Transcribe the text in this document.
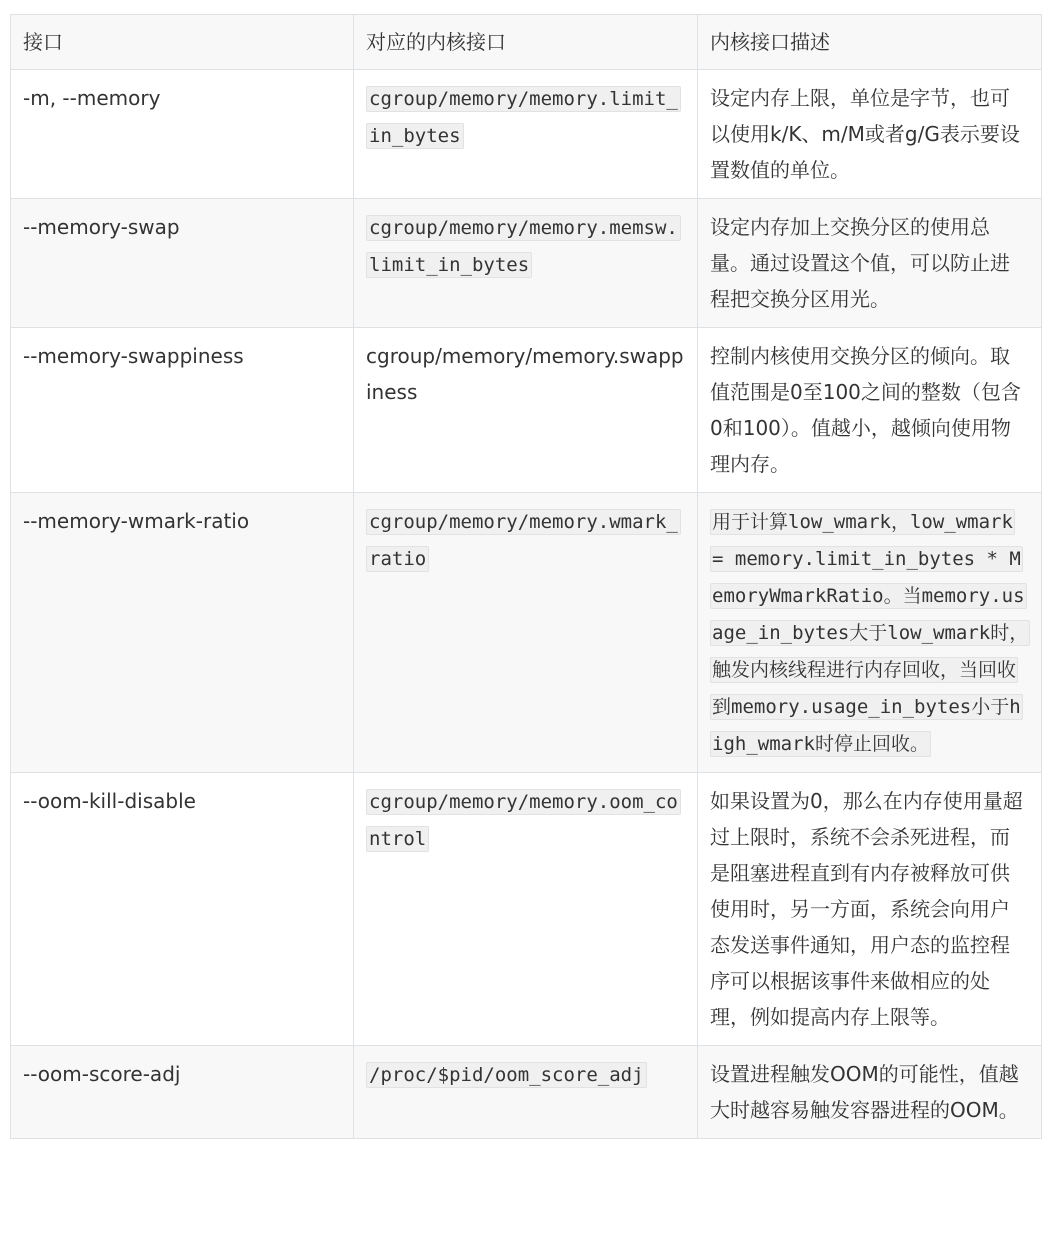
接口	对应的内核接口	内核接口描述
-m, --memory	cgroup/memory/memory.limit_in_bytes	设定内存上限，单位是字节，也可以使用k/K、m/M或者g/G表示要设置数值的单位。
--memory-swap	cgroup/memory/memory.memsw.limit_in_bytes	设定内存加上交换分区的使用总量。通过设置这个值，可以防止进程把交换分区用光。
--memory-swappiness	cgroup/memory/memory.swappiness	控制内核使用交换分区的倾向。取值范围是0至100之间的整数（包含0和100）。值越小，越倾向使用物理内存。
--memory-wmark-ratio	cgroup/memory/memory.wmark_ratio	用于计算low_wmark，low_wmark = memory.limit_in_bytes * MemoryWmarkRatio。当memory.usage_in_bytes大于low_wmark时，触发内核线程进行内存回收，当回收到memory.usage_in_bytes小于high_wmark时停止回收。
--oom-kill-disable	cgroup/memory/memory.oom_control	如果设置为0，那么在内存使用量超过上限时，系统不会杀死进程，而是阻塞进程直到有内存被释放可供使用时，另一方面，系统会向用户态发送事件通知，用户态的监控程序可以根据该事件来做相应的处理，例如提高内存上限等。
--oom-score-adj	/proc/$pid/oom_score_adj	设置进程触发OOM的可能性，值越大时越容易触发容器进程的OOM。
